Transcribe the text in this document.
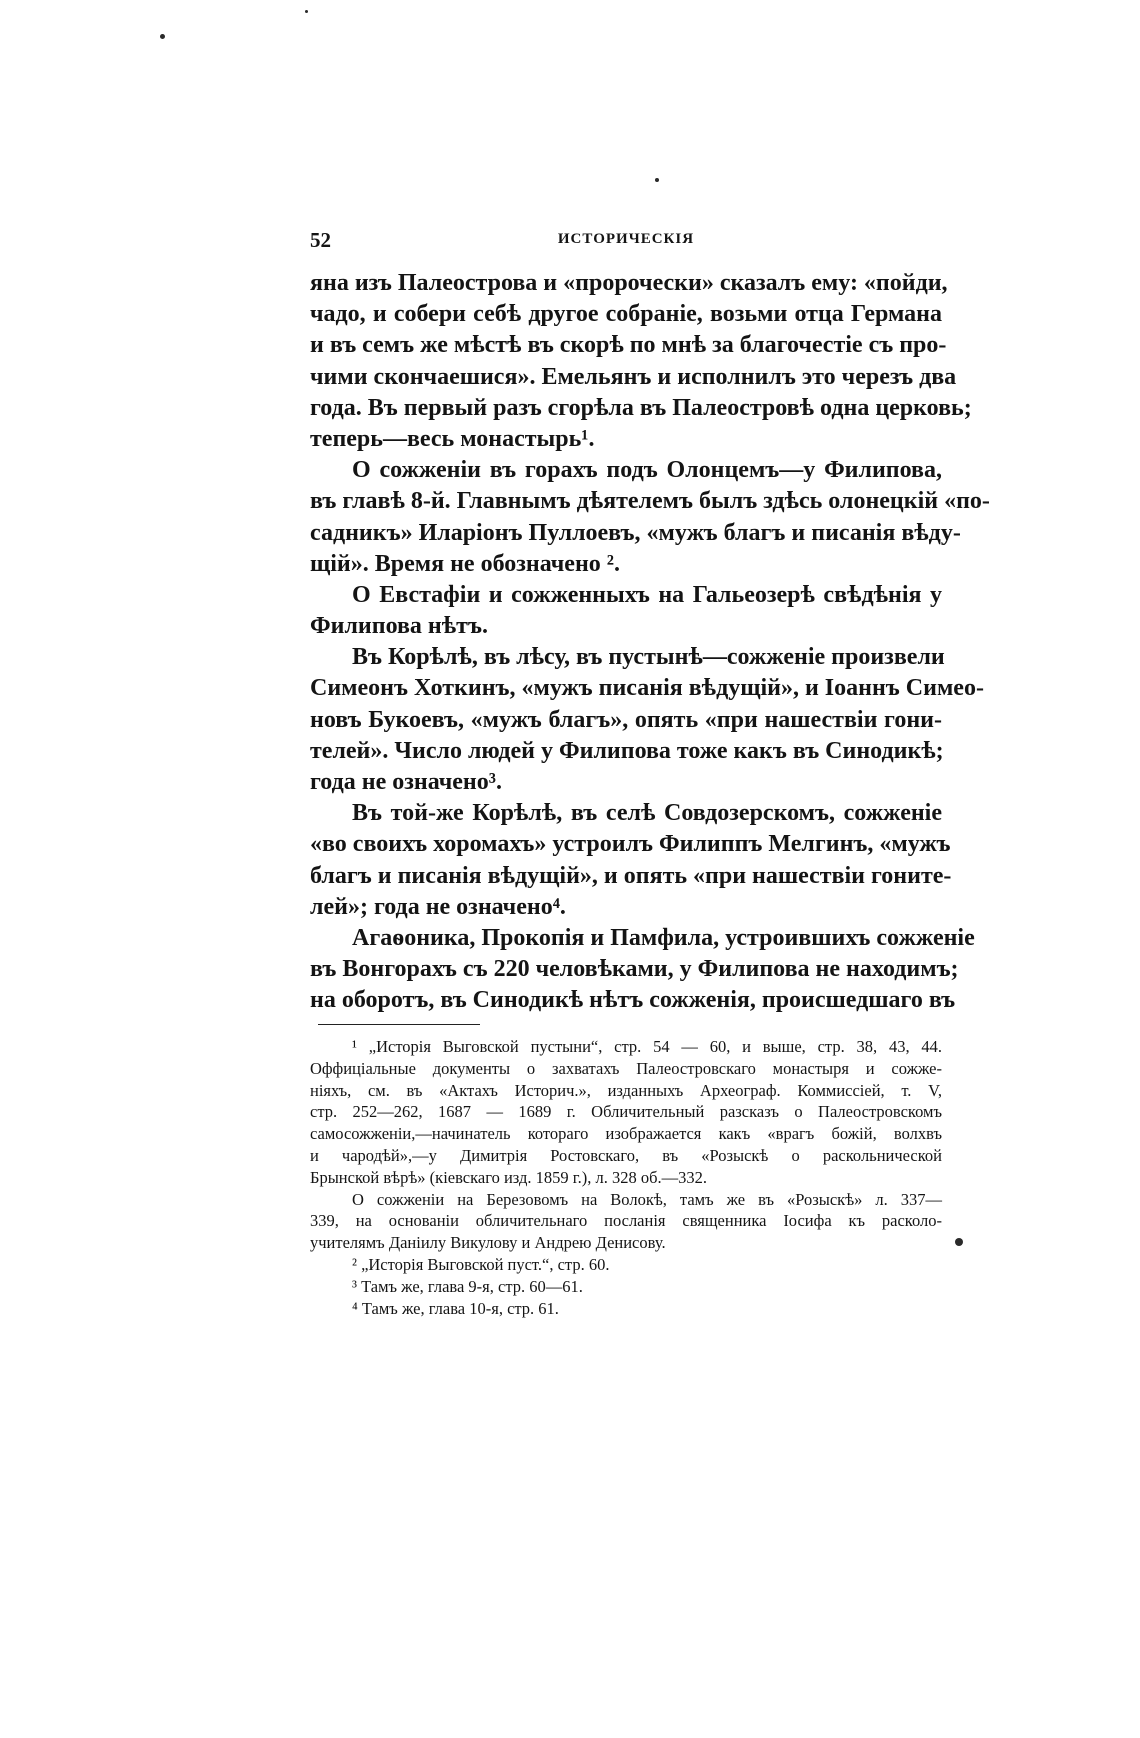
52	ИСТОРИЧЕСКІЯ
яна изъ Палеострова и «пророчески» сказалъ ему: «пойди,
чадо, и собери себѣ другое собраніе, возьми отца Германа
и въ семъ же мѣстѣ въ скорѣ по мнѣ за благочестіе съ про-
чими скончаешися». Емельянъ и исполнилъ это черезъ два
года. Въ первый разъ сгорѣла въ Палеостровѣ одна церковь;
теперь—весь монастырь¹.
О сожженіи въ горахъ подъ Олонцемъ—у Филипова,
въ главѣ 8-й. Главнымъ дѣятелемъ былъ здѣсь олонецкій «по-
садникъ» Иларіонъ Пуллоевъ, «мужъ благъ и писанія вѣду-
щій». Время не обозначено ².
О Евстафіи и сожженныхъ на Гальеозерѣ свѣдѣнія у
Филипова нѣтъ.
Въ Корѣлѣ, въ лѣсу, въ пустынѣ—сожженіе произвели
Симеонъ Хоткинъ, «мужъ писанія вѣдущій», и Іоаннъ Симео-
новъ Букоевъ, «мужъ благъ», опять «при нашествіи гони-
телей». Число людей у Филипова тоже какъ въ Синодикѣ;
года не означено³.
Въ той-же Корѣлѣ, въ селѣ Совдозерскомъ, сожженіе
«во своихъ хоромахъ» устроилъ Филиппъ Мелгинъ, «мужъ
благъ и писанія вѣдущій», и опять «при нашествіи гоните-
лей»; года не означено⁴.
Агаѳоника, Прокопія и Памфила, устроившихъ сожженіе
въ Вонгорахъ съ 220 человѣками, у Филипова не находимъ;
на оборотъ, въ Синодикѣ нѣтъ сожженія, происшедшаго въ
¹ „Исторія Выговской пустыни“, стр. 54 — 60, и выше, стр. 38, 43, 44.
Оффиціальные документы о захватахъ Палеостровскаго монастыря и сожже-
ніяхъ, см. въ «Актахъ Историч.», изданныхъ Археограф. Коммиссіей, т. V,
стр. 252—262, 1687 — 1689 г. Обличительный разсказъ о Палеостровскомъ
самосожженіи,—начинатель котораго изображается какъ «врагъ божій, волхвъ
и чародѣй»,—у Димитрія Ростовскаго, въ «Розыскѣ о раскольнической
Брынской вѣрѣ» (кіевскаго изд. 1859 г.), л. 328 об.—332.
О сожженіи на Березовомъ на Волокѣ, тамъ же въ «Розыскѣ» л. 337—
339, на основаніи обличительнаго посланія священника Іосифа къ расколо-
учителямъ Даніилу Викулову и Андрею Денисову.
² „Исторія Выговской пуст.“, стр. 60.
³ Тамъ же, глава 9-я, стр. 60—61.
⁴ Тамъ же, глава 10-я, стр. 61.
